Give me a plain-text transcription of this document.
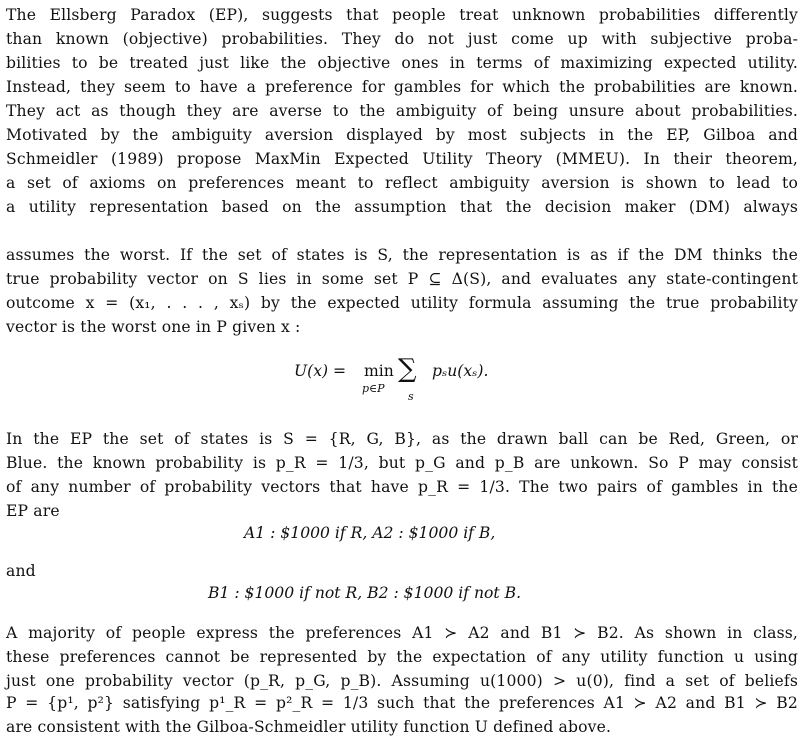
The Ellsberg Paradox (EP), suggests that people treat unknown probabilities differently
than known (objective) probabilities. They do not just come up with subjective proba-
bilities to be treated just like the objective ones in terms of maximizing expected utility.
Instead, they seem to have a preference for gambles for which the probabilities are known.
They act as though they are averse to the ambiguity of being unsure about probabilities.
Motivated by the ambiguity aversion displayed by most subjects in the EP, Gilboa and
Schmeidler (1989) propose MaxMin Expected Utility Theory (MMEU). In their theorem,
a set of axioms on preferences meant to reflect ambiguity aversion is shown to lead to
a utility representation based on the assumption that the decision maker (DM) always
assumes the worst. If the set of states is S, the representation is as if the DM thinks the
true probability vector on S lies in some set P ⊆ Δ(S), and evaluates any state-contingent
outcome x = (x₁, . . . , xₛ) by the expected utility formula assuming the true probability
vector is the worst one in P given x :
U(x) = min
p∈P
∑
s
pₛu(xₛ).
In the EP the set of states is S = {R, G, B}, as the drawn ball can be Red, Green, or
Blue. the known probability is p_R = 1/3, but p_G and p_B are unkown. So P may consist
of any number of probability vectors that have p_R = 1/3. The two pairs of gambles in the
EP are
A1 : $1000 if R, A2 : $1000 if B,
and
B1 : $1000 if not R, B2 : $1000 if not B.
A majority of people express the preferences A1 ≻ A2 and B1 ≻ B2. As shown in class,
these preferences cannot be represented by the expectation of any utility function u using
just one probability vector (p_R, p_G, p_B). Assuming u(1000) > u(0), find a set of beliefs
P = {p¹, p²} satisfying p¹_R = p²_R = 1/3 such that the preferences A1 ≻ A2 and B1 ≻ B2
are consistent with the Gilboa-Schmeidler utility function U defined above.
